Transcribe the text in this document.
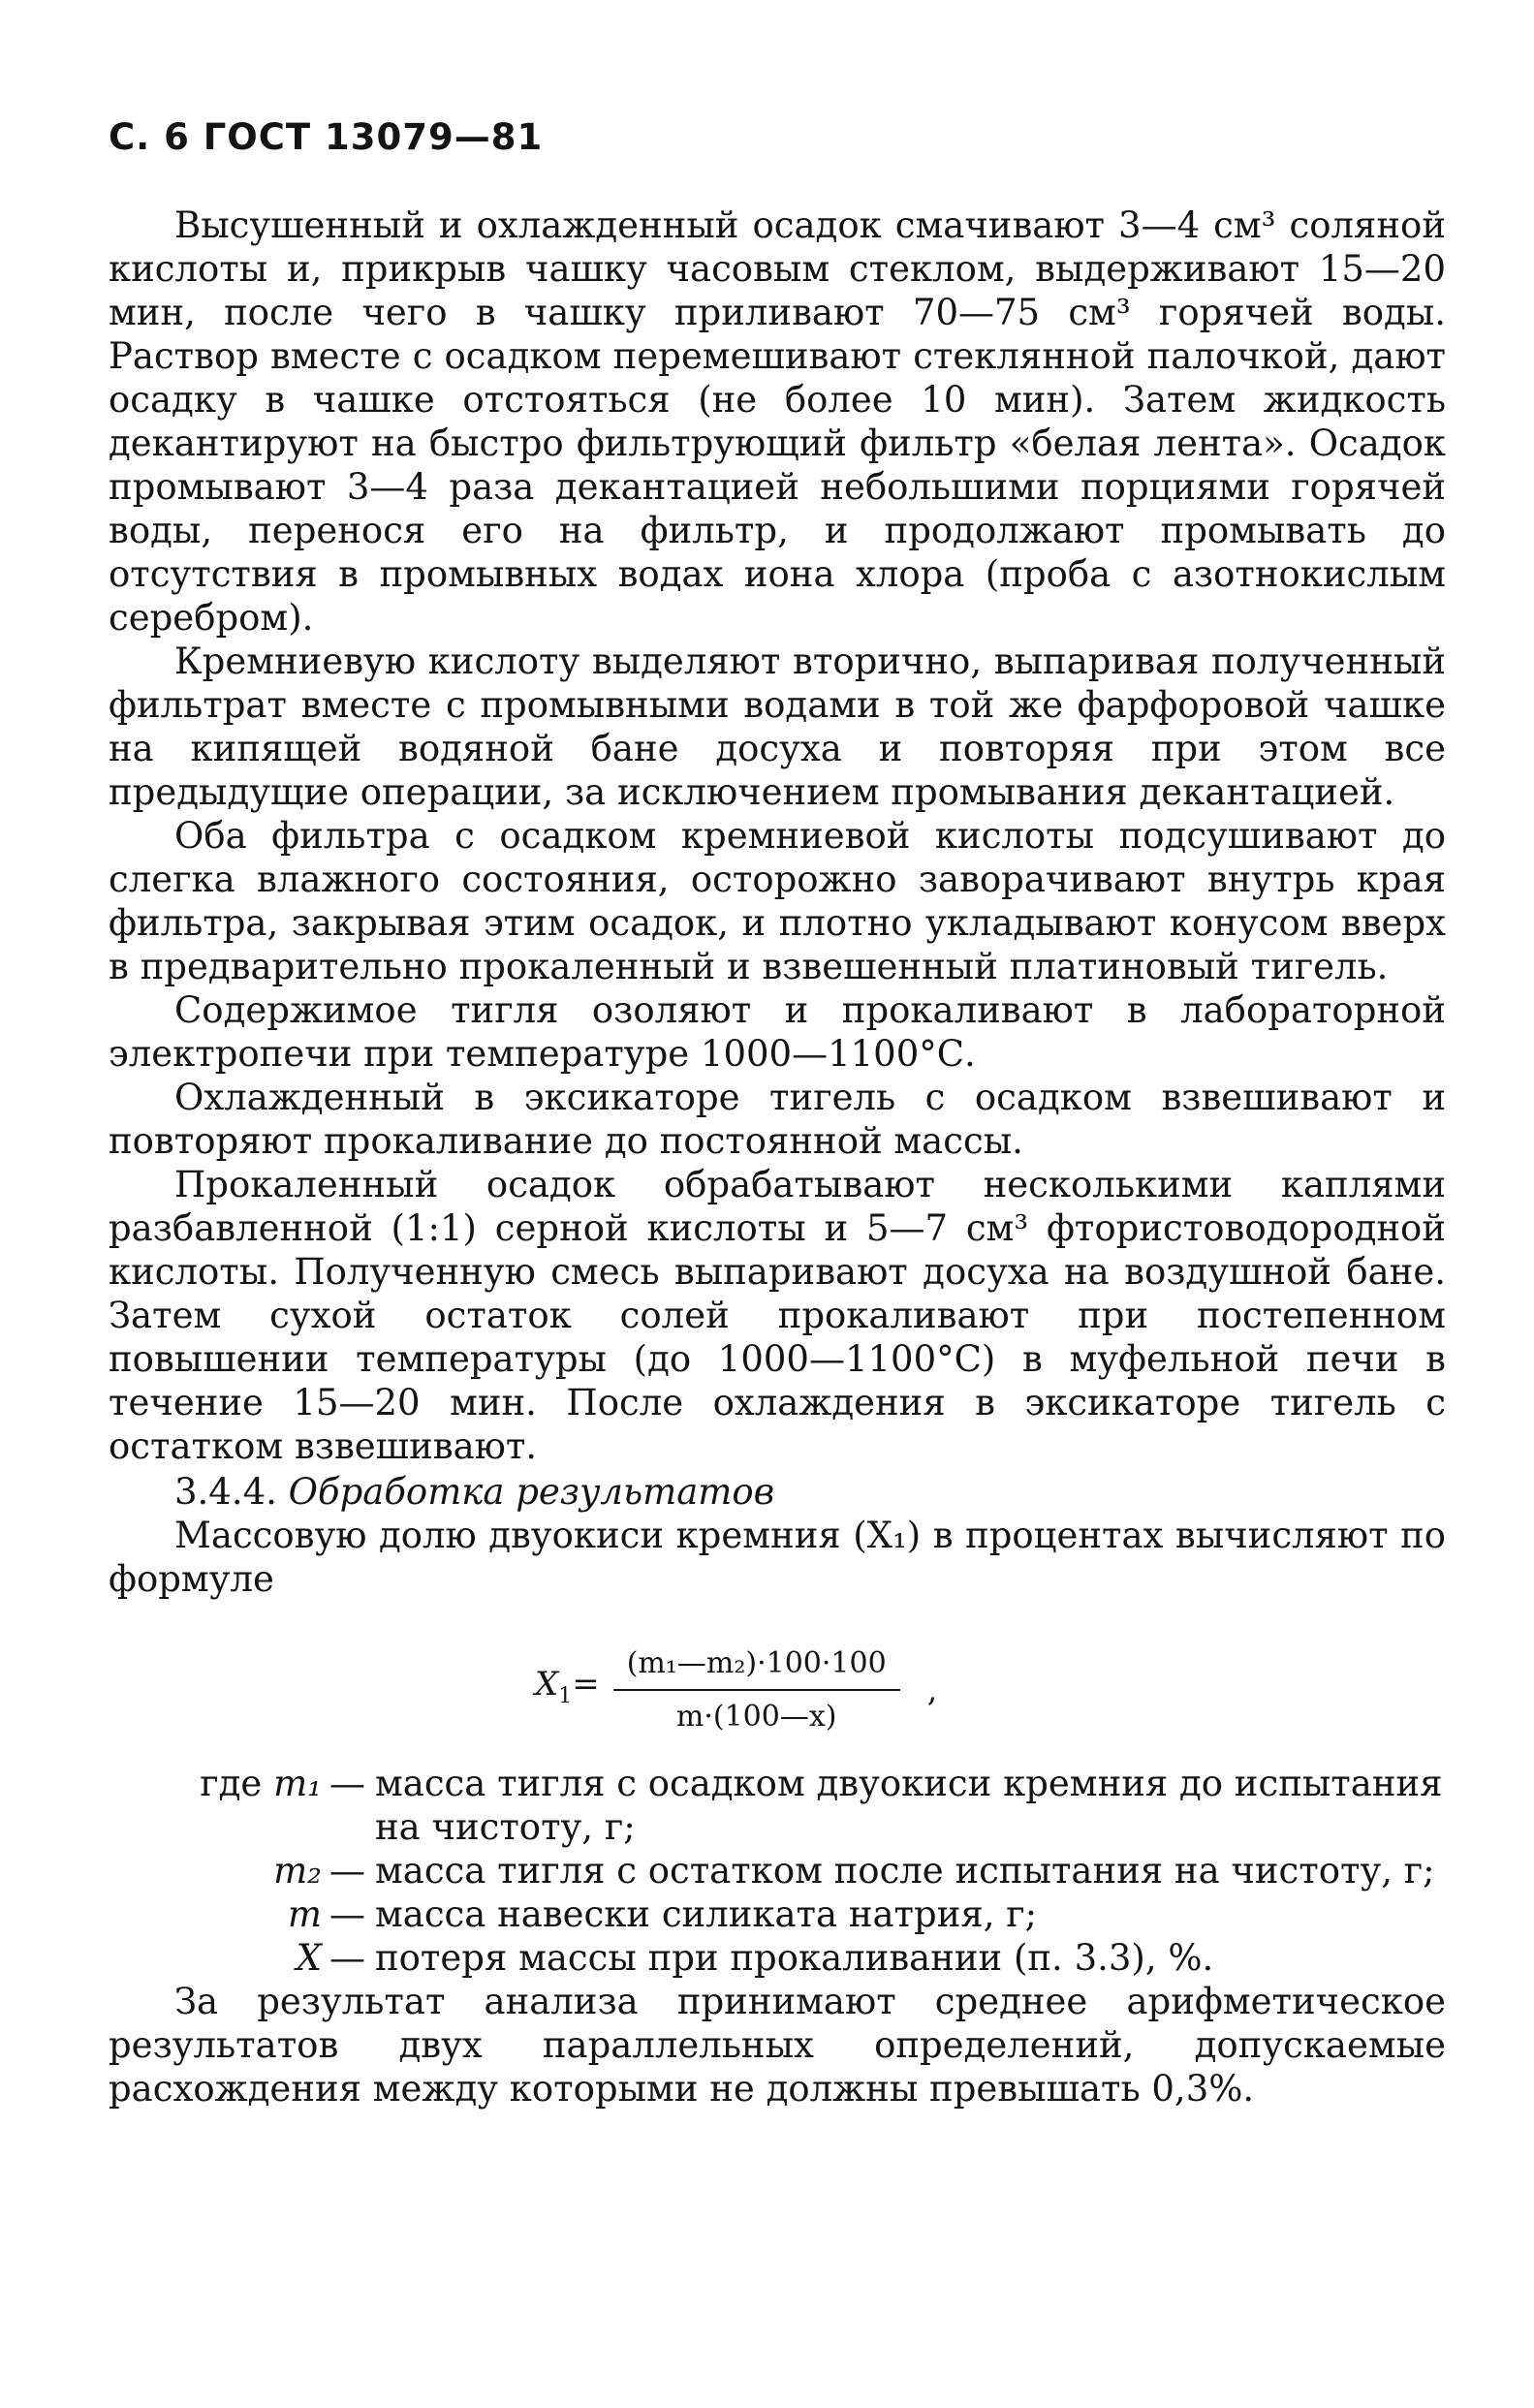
С. 6 ГОСТ 13079—81

Высушенный и охлажденный осадок смачивают 3—4 см³ соляной кислоты и, прикрыв чашку часовым стеклом, выдерживают 15—20 мин, после чего в чашку приливают 70—75 см³ горячей воды. Раствор вместе с осадком перемешивают стеклянной палочкой, дают осадку в чашке отстояться (не более 10 мин). Затем жидкость декантируют на быстро фильтрующий фильтр «белая лента». Осадок промывают 3—4 раза декантацией небольшими порциями горячей воды, перенося его на фильтр, и продолжают промывать до отсутствия в промывных водах иона хлора (проба с азотнокислым серебром).

Кремниевую кислоту выделяют вторично, выпаривая полученный фильтрат вместе с промывными водами в той же фарфоровой чашке на кипящей водяной бане досуха и повторяя при этом все предыдущие операции, за исключением промывания декантацией.

Оба фильтра с осадком кремниевой кислоты подсушивают до слегка влажного состояния, осторожно заворачивают внутрь края фильтра, закрывая этим осадок, и плотно укладывают конусом вверх в предварительно прокаленный и взвешенный платиновый тигель.

Содержимое тигля озоляют и прокаливают в лабораторной электропечи при температуре 1000—1100°С.

Охлажденный в эксикаторе тигель с осадком взвешивают и повторяют прокаливание до постоянной массы.

Прокаленный осадок обрабатывают несколькими каплями разбавленной (1:1) серной кислоты и 5—7 см³ фтористоводородной кислоты. Полученную смесь выпаривают досуха на воздушной бане. Затем сухой остаток солей прокаливают при постепенном повышении температуры (до 1000—1100°С) в муфельной печи в течение 15—20 мин. После охлаждения в эксикаторе тигель с остатком взвешивают.

3.4.4. Обработка результатов

Массовую долю двуокиси кремния (X₁) в процентах вычисляют по формуле

$X_1= \frac{\text{(m₁—m₂)·100·100}}{m\cdot(100—x)}$ ,
где m₁ — масса тигля с осадком двуокиси кремния до испытания на чистоту, г;
m₂ — масса тигля с остатком после испытания на чистоту, г;
m — масса навески силиката натрия, г;
X — потеря массы при прокаливании (п. 3.3), %.

За результат анализа принимают среднее арифметическое результатов двух параллельных определений, допускаемые расхождения между которыми не должны превышать 0,3%.
